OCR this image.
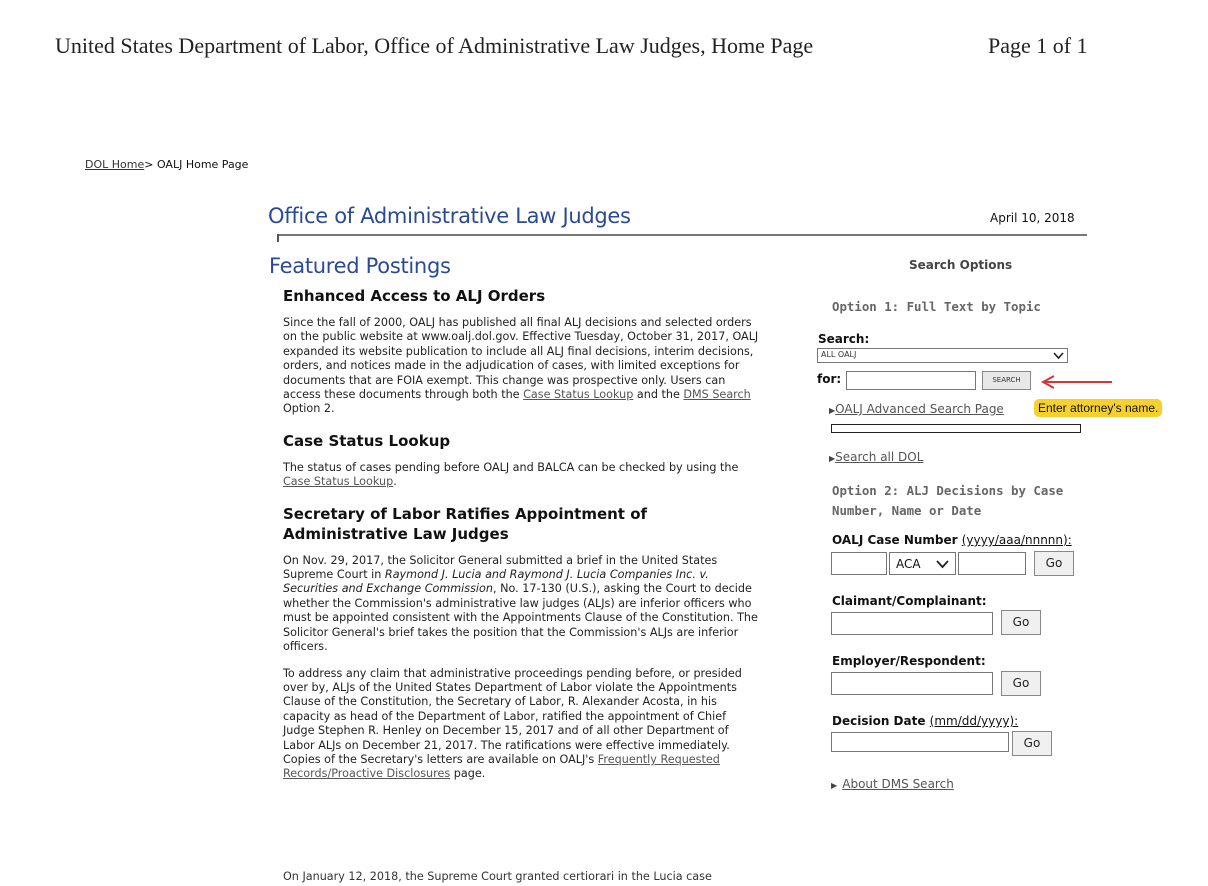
United States Department of Labor, Office of Administrative Law Judges, Home Page	Page 1 of 1
DOL Home> OALJ Home Page
Office of Administrative Law Judges	April 10, 2018
Featured Postings
Enhanced Access to ALJ Orders

Since the fall of 2000, OALJ has published all final ALJ decisions and selected orders on the public website at www.oalj.dol.gov. Effective Tuesday, October 31, 2017, OALJ expanded its website publication to include all ALJ final decisions, interim decisions, orders, and notices made in the adjudication of cases, with limited exceptions for documents that are FOIA exempt. This change was prospective only. Users can access these documents through both the Case Status Lookup and the DMS Search Option 2.

Case Status Lookup

The status of cases pending before OALJ and BALCA can be checked by using the Case Status Lookup.

Secretary of Labor Ratifies Appointment of Administrative Law Judges

On Nov. 29, 2017, the Solicitor General submitted a brief in the United States Supreme Court in Raymond J. Lucia and Raymond J. Lucia Companies Inc. v. Securities and Exchange Commission, No. 17-130 (U.S.), asking the Court to decide whether the Commission's administrative law judges (ALJs) are inferior officers who must be appointed consistent with the Appointments Clause of the Constitution. The Solicitor General's brief takes the position that the Commission's ALJs are inferior officers.

To address any claim that administrative proceedings pending before, or presided over by, ALJs of the United States Department of Labor violate the Appointments Clause of the Constitution, the Secretary of Labor, R. Alexander Acosta, in his capacity as head of the Department of Labor, ratified the appointment of Chief Judge Stephen R. Henley on December 15, 2017 and of all other Department of Labor ALJs on December 21, 2017. The ratifications were effective immediately. Copies of the Secretary's letters are available on OALJ's Frequently Requested Records/Proactive Disclosures page.

On January 12, 2018, the Supreme Court granted certiorari in the Lucia case
Search Options
Option 1: Full Text by Topic
Search:
ALL OALJ
for:	SEARCH
▶OALJ Advanced Search Page	Enter attorney's name.
▶Search all DOL
Option 2: ALJ Decisions by Case Number, Name or Date
OALJ Case Number (yyyy/aaa/nnnnn):
ACA	Go
Claimant/Complainant:
Go
Employer/Respondent:
Go
Decision Date (mm/dd/yyyy):
Go
▶ About DMS Search
